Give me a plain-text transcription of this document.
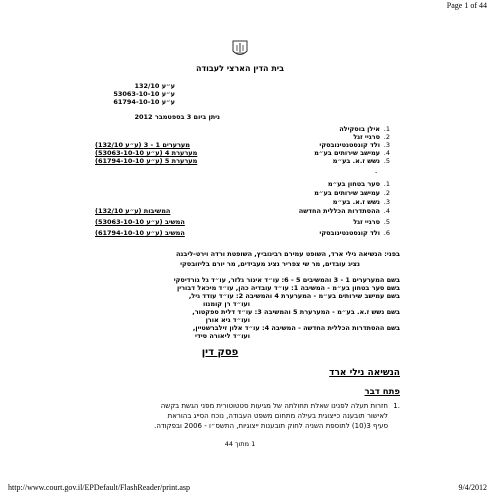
Page 1 of 44
בית הדין הארצי לעבודה
ע״ע 132/10
ע״ע 53063-10-10
ע״ע 61794-10-10
ניתן ביום 3 בספטמבר 2012
1.
אילן בוסקילה
2.
סרגיי זגל
3.
ולד קונסטנטינובסקי
מערערים 1 - 3 (ע״ע 132/10)
4.
עמישב שירותים בע״מ
מערערת 4 (ע״ע 53063-10-10)
5.
נשש ז.א. בע״מ
מערערת 5 (ע״ע 61794-10-10)
-
1.
סער בטחון בע״מ
2.
עמישב שירותים בע״מ
3.
נשש ז.א. בע״מ
4.
ההסתדרות הכללית החדשה
המשיבות (ע״ע 132/10)
5.
סרגיי זגל
המשיב (ע״ע 53063-10-10)
6.
ולד קונסטנטינובסקי
המשיב (ע״ע 61794-10-10)
בפני: הנשיאה נילי ארד, השופט עמירם רבינוביץ, השופטת ורדה וירט-ליבנה
נציג עובדים, מר שי צפריר נציג מעבידים, מר יורם בליזובסקי
בשם המערערים 1 - 3 והמשיבים 5 - 6: עו״ד איגור גלזר, עו״ד גל גורדיסקי
בשם סער בטחון בע״מ - המשיבה 1: עו״ד עובדיה כהן, עו״ד מיכאל דבורין
בשם עמישב שירותים בע״מ - המערערת 4 והמשיבה 2: עו״ד עודד גיל,
ועו״ד רן קומנוו
בשם נשש ז.א. בע״מ - המערערת 5 והמשיבה 3: עו״ד דלית ספקטור,
ועו״ד גיא אורן
בשם ההסתדרות הכללית החדשה - המשיבה 4: עו״ד אלון זילברשטיין,
ועו״ד ליאורה סידי
פסק דין
הנשיאה נילי ארד
פתח דבר
.1
חזרות תעלה לפנינו שאלת תחולתה של מגיעות סטטוטורית מפני הגשת בקשה
לאישור תובענה כייצוגית בעילה מתחום משפט העבודה, נוכח הסייג בהוראת
סעיף 3(10) לתוספת השניה לחוק תובענות ייצוגיות, התשס״ו - 2006 ובפקודה.
1 מתוך 44
http://www.court.gov.il/EPDefault/FlashReader/print.asp	9/4/2012
